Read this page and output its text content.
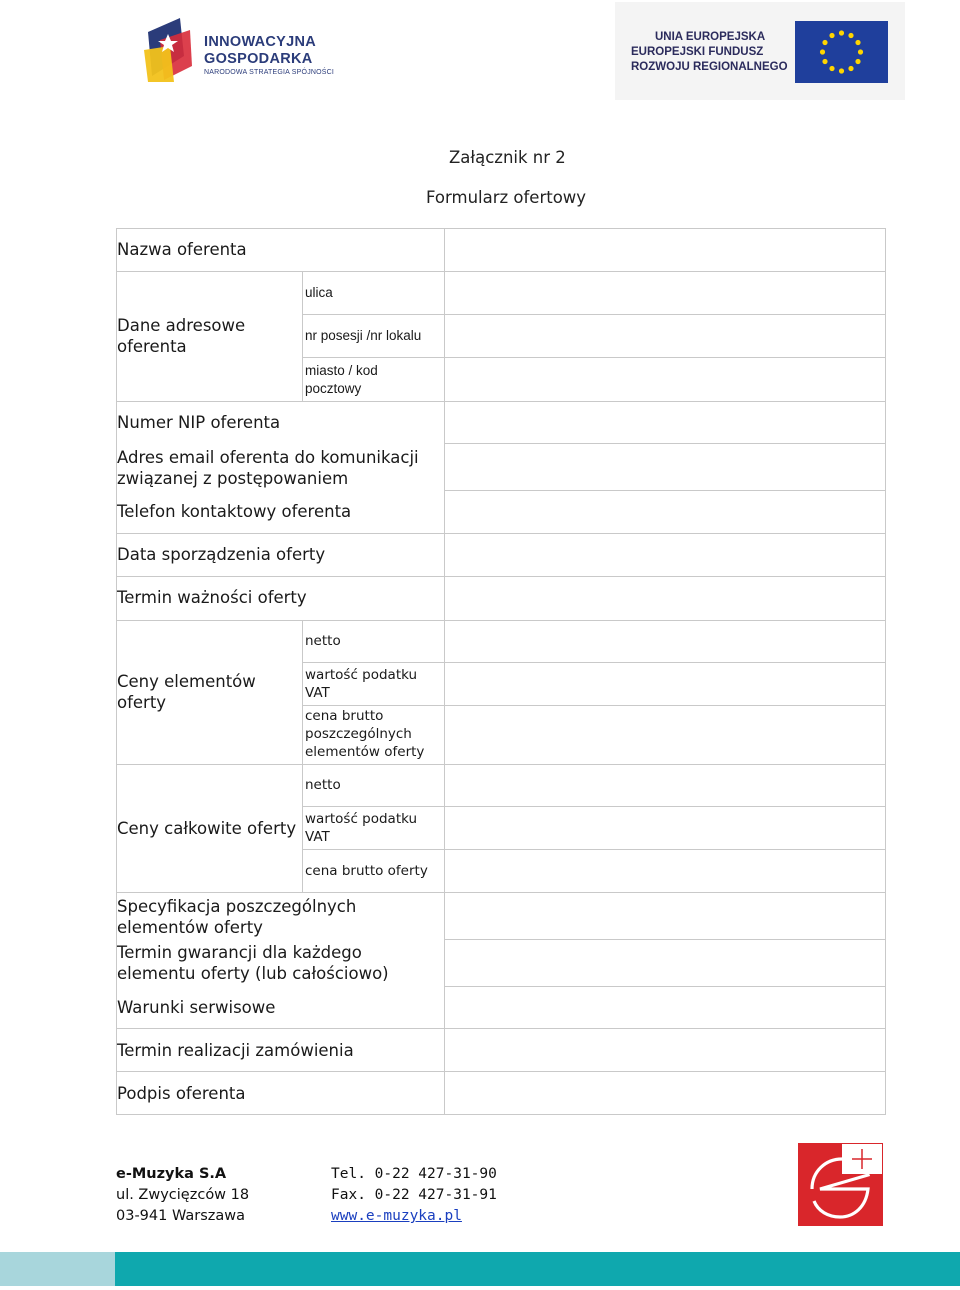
INNOWACYJNA
GOSPODARKA
NARODOWA STRATEGIA SPÓJNOŚCI
UNIA EUROPEJSKA
EUROPEJSKI FUNDUSZ
ROZWOJU REGIONALNEGO
Załącznik nr 2
Formularz ofertowy
Nazwa oferenta
Dane adresowe
oferenta
ulica
nr posesji /nr lokalu
miasto / kod
pocztowy
Numer NIP oferenta
Adres email oferenta do komunikacji
związanej z postępowaniem
Telefon kontaktowy oferenta
Data sporządzenia oferty
Termin ważności oferty
Ceny elementów
oferty
netto
wartość podatku
VAT
cena brutto
poszczególnych
elementów oferty
Ceny całkowite oferty
netto
wartość podatku
VAT
cena brutto oferty
Specyfikacja poszczególnych
elementów oferty
Termin gwarancji dla każdego
elementu oferty (lub całościowo)
Warunki serwisowe
Termin realizacji zamówienia
Podpis oferenta
e-Muzyka S.A
ul. Zwycięzców 18
03-941 Warszawa
Tel. 0-22 427-31-90
Fax. 0-22 427-31-91
www.e-muzyka.pl
